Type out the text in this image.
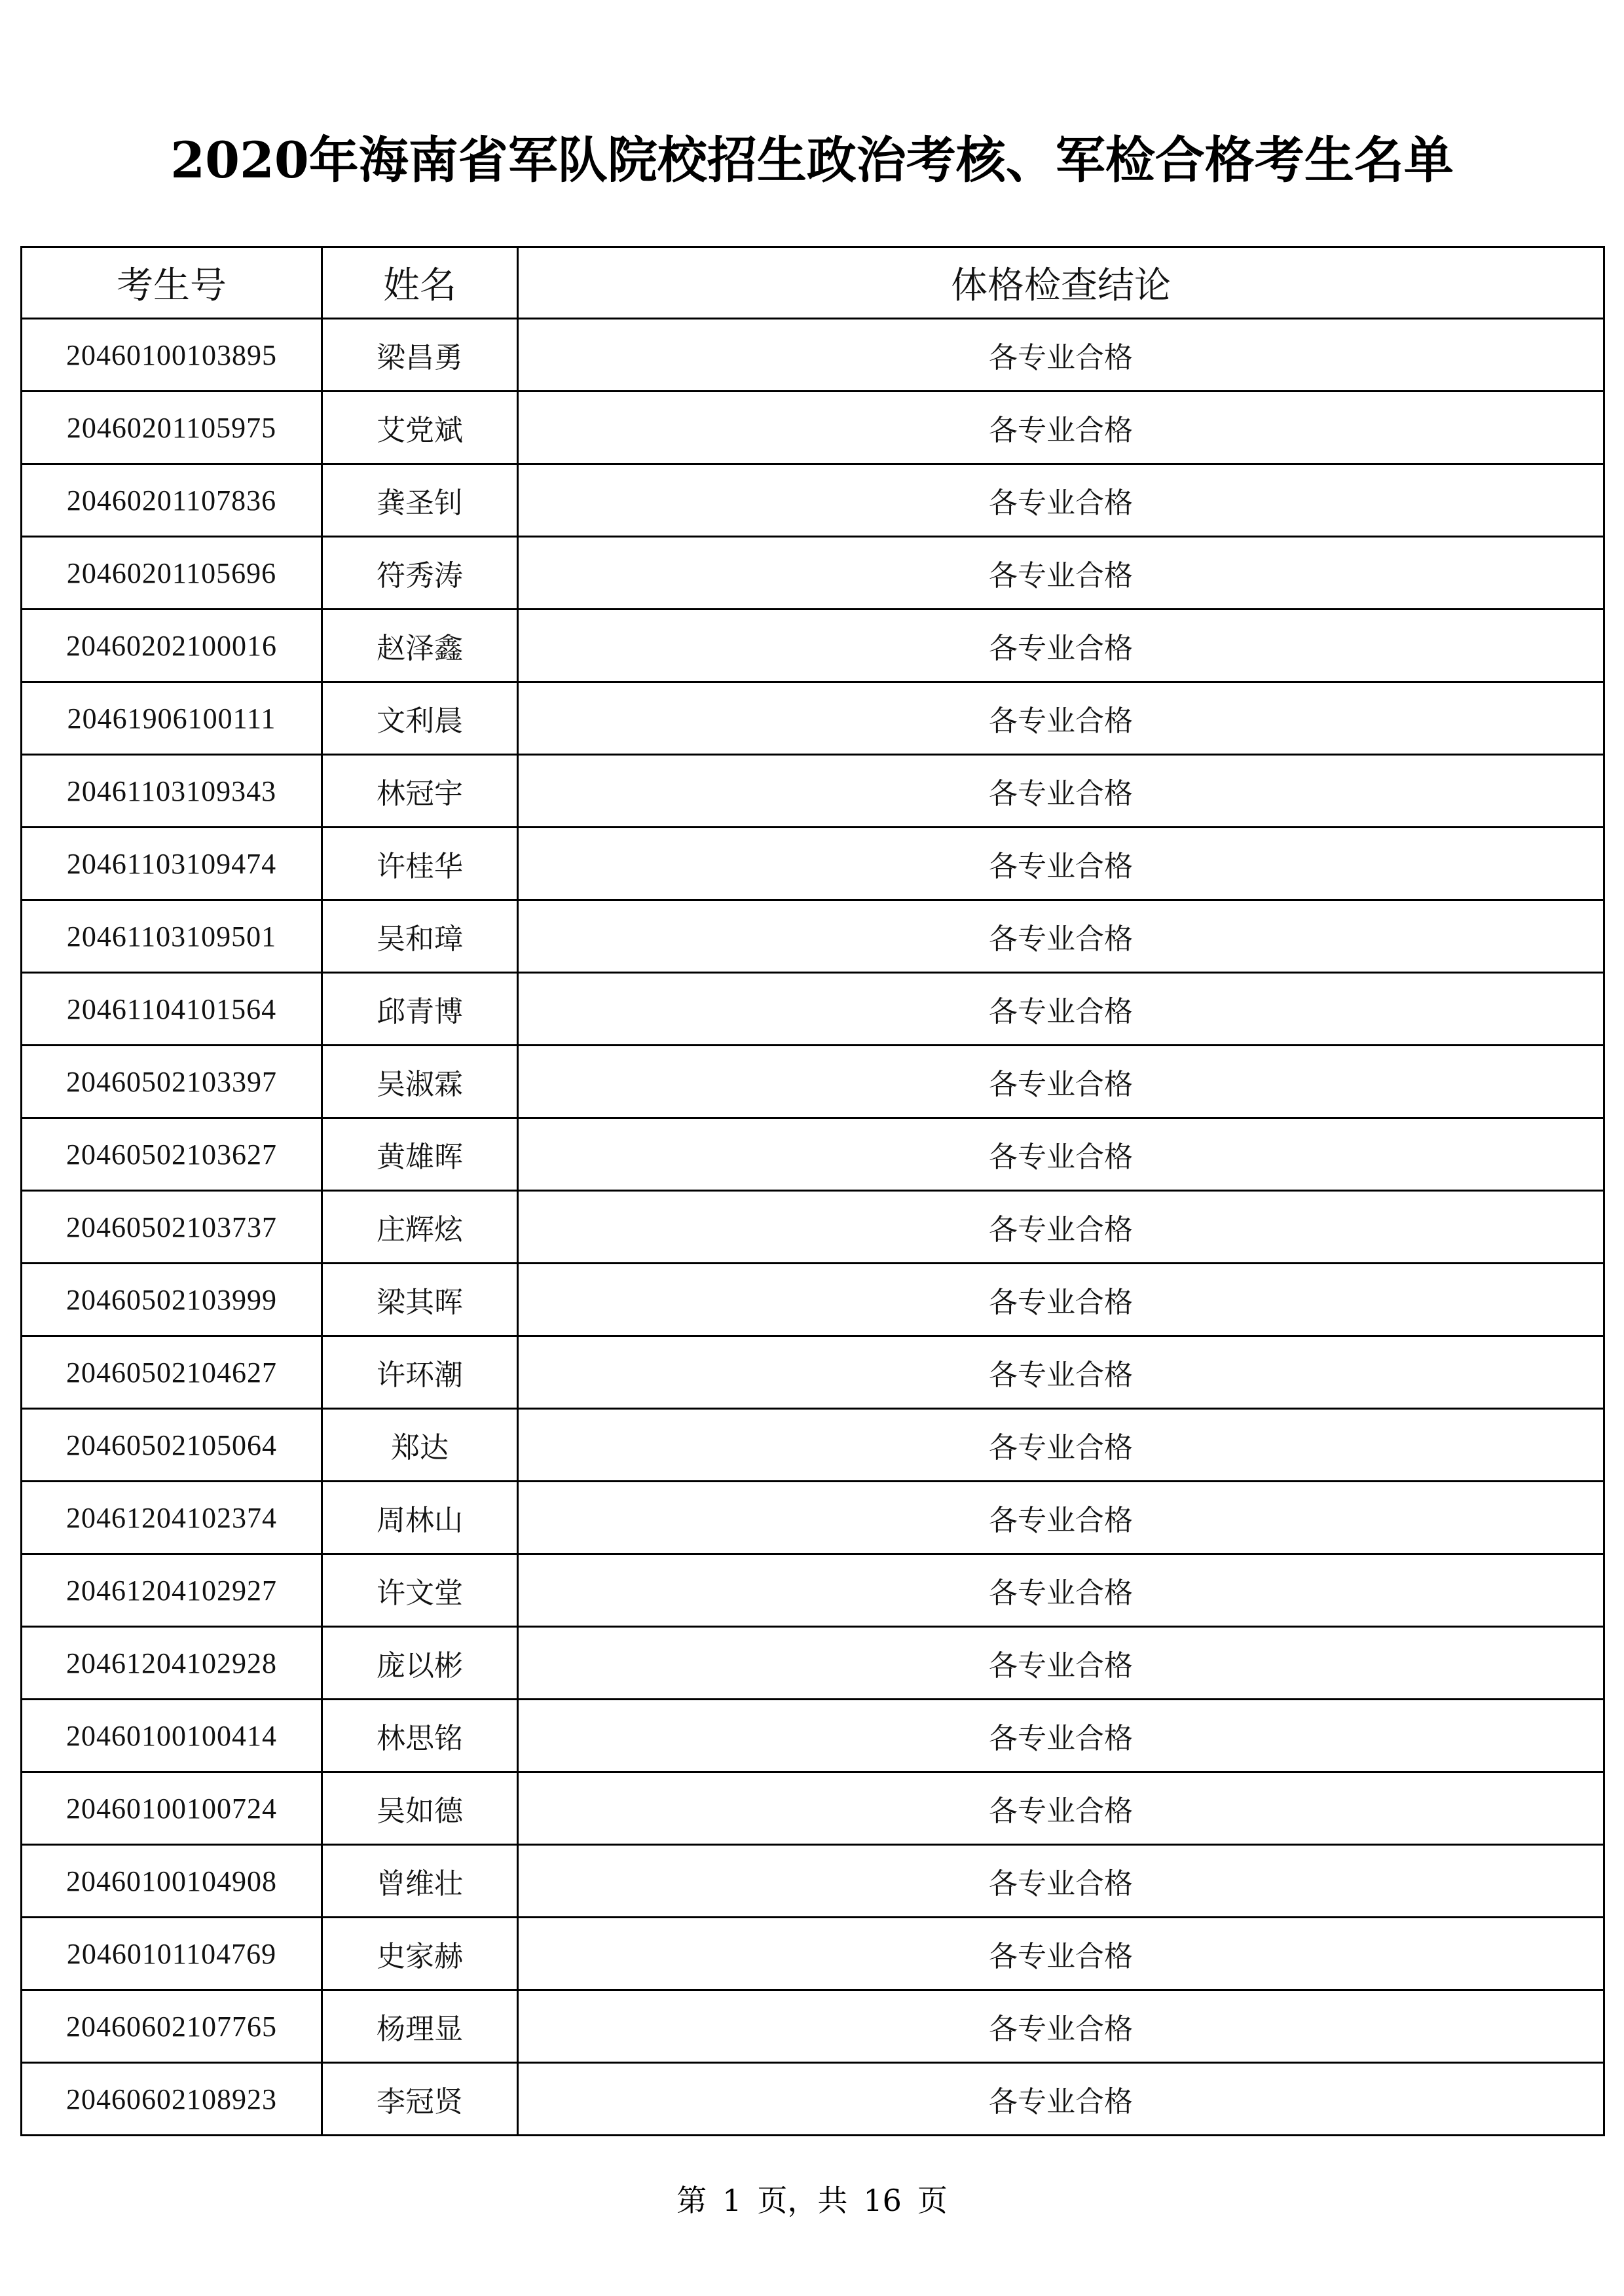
2020年海南省军队院校招生政治考核、军检合格考生名单
考生号	姓名	体格检查结论
20460100103895	梁昌勇	各专业合格
20460201105975	艾党斌	各专业合格
20460201107836	龚圣钊	各专业合格
20460201105696	符秀涛	各专业合格
20460202100016	赵泽鑫	各专业合格
20461906100111	文利晨	各专业合格
20461103109343	林冠宇	各专业合格
20461103109474	许桂华	各专业合格
20461103109501	吴和璋	各专业合格
20461104101564	邱青博	各专业合格
20460502103397	吴淑霖	各专业合格
20460502103627	黄雄晖	各专业合格
20460502103737	庄辉炫	各专业合格
20460502103999	梁其晖	各专业合格
20460502104627	许环潮	各专业合格
20460502105064	郑达	各专业合格
20461204102374	周林山	各专业合格
20461204102927	许文堂	各专业合格
20461204102928	庞以彬	各专业合格
20460100100414	林思铭	各专业合格
20460100100724	吴如德	各专业合格
20460100104908	曾维壮	各专业合格
20460101104769	史家赫	各专业合格
20460602107765	杨理显	各专业合格
20460602108923	李冠贤	各专业合格
第 1 页，共 16 页
